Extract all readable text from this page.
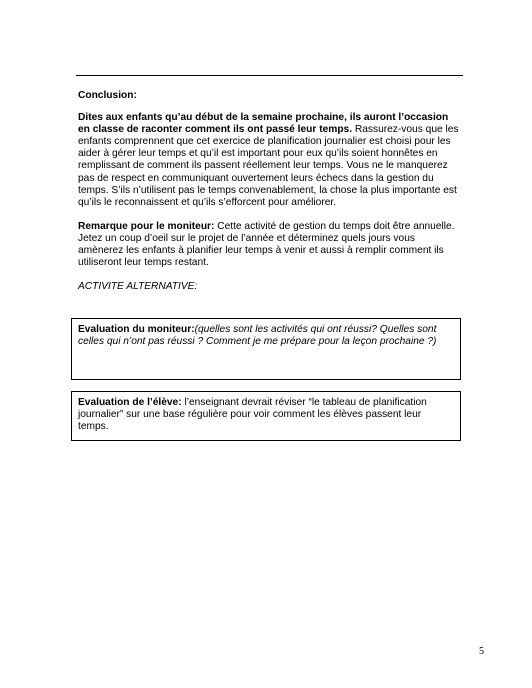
Conclusion:

Dites aux enfants qu’au début de la semaine prochaine, ils auront l’occasion en classe de raconter comment ils ont passé leur temps. Rassurez-vous que les enfants comprennent que cet exercice de planification journalier est choisi pour les aider à gérer leur temps et qu’il est important pour eux qu’ils soient honnêtes en remplissant de comment ils passent réellement leur temps. Vous ne le manquerez pas de respect en communiquant ouvertement leurs échecs dans la gestion du temps. S’ils n’utilisent pas le temps convenablement, la chose la plus importante est qu’ils le reconnaissent et qu’ils s’efforcent pour améliorer.

Remarque pour le moniteur: Cette activité de gestion du temps doit être annuelle. Jetez un coup d’oeil sur le projet de l’année et déterminez quels jours vous amènerez les enfants à planifier leur temps à venir et aussi à remplir comment ils utiliseront leur temps restant.

ACTIVITE ALTERNATIVE:

Evaluation du moniteur:(quelles sont les activités qui ont réussi? Quelles sont celles qui n’ont pas réussi ? Comment je me prépare pour la leçon prochaine ?)
Evaluation de l’élève: l’enseignant devrait réviser “le tableau de planification journalier” sur une base régulière pour voir comment les élèves passent leur temps.
5
